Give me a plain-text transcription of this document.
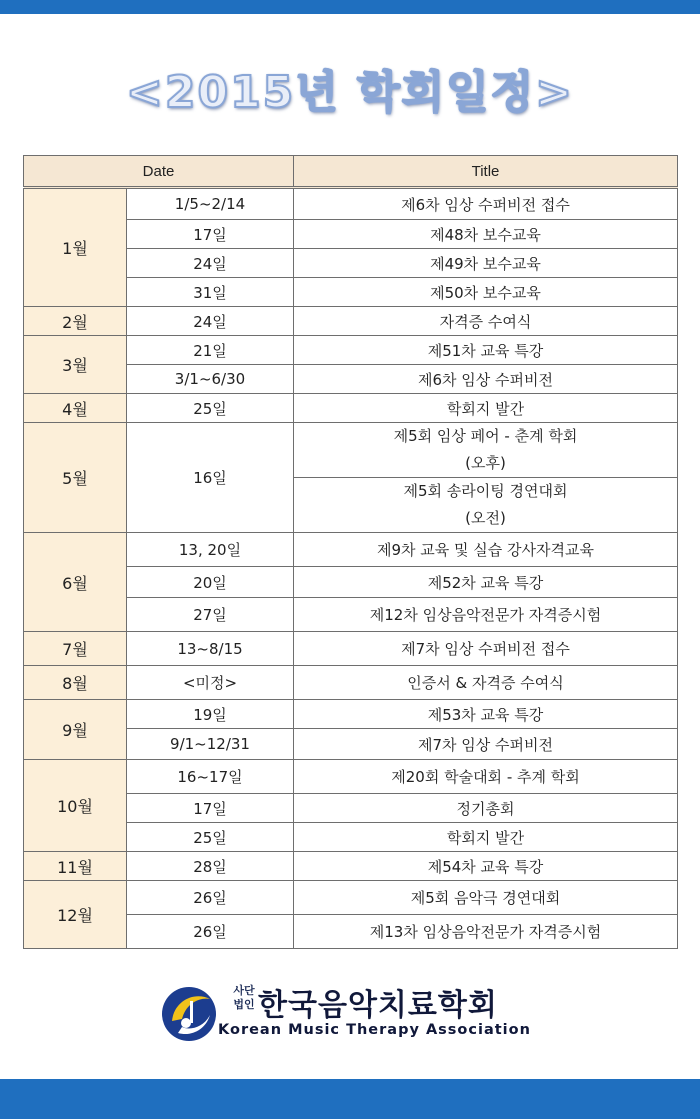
<2015년 학회일정>
Date		Title
1월	1/5~2/14	제6차 임상 수퍼비전 접수

	17일	제48차 보수교육

	24일	제49차 보수교육

	31일	제50차 보수교육

2월	24일	자격증 수여식

3월	21일	제51차 교육 특강

	3/1~6/30	제6차 임상 수퍼비전

4월	25일	학회지 발간

5월	16일	제5회 임상 페어 - 춘계 학회
(오후)

		제5회 송라이팅 경연대회
(오전)

6월	13, 20일	제9차 교육 및 실습 강사자격교육

	20일	제52차 교육 특강

	27일	제12차 임상음악전문가 자격증시험

7월	13~8/15	제7차 임상 수퍼비전 접수

8월	<미정>	인증서 & 자격증 수여식

9월	19일	제53차 교육 특강

	9/1~12/31	제7차 임상 수퍼비전

10월	16~17일	제20회 학술대회 - 추계 학회

	17일	정기총회

	25일	학회지 발간

11월	28일	제54차 교육 특강

12월	26일	제5회 음악극 경연대회

	26일	제13차 임상음악전문가 자격증시험
사단
법인 한국음악치료학회
Korean Music Therapy Association
